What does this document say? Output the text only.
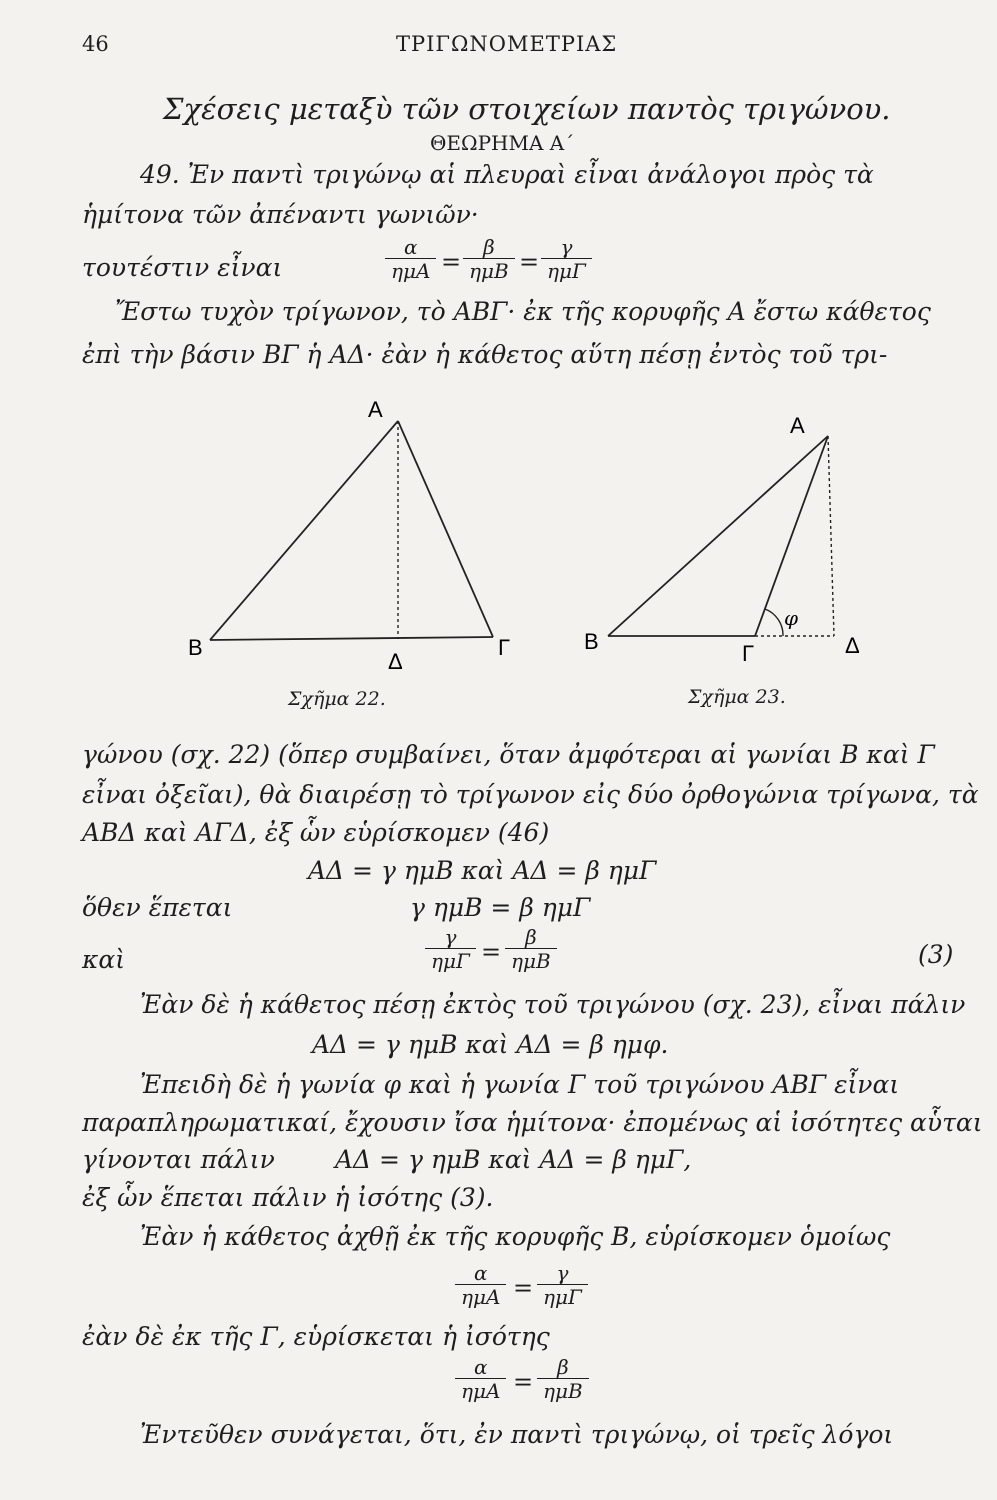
46	ΤΡΙΓΩΝΟΜΕΤΡΙΑΣ
Σχέσεις μεταξὺ τῶν στοιχείων παντὸς τριγώνου.
ΘΕΩΡΗΜΑ Α΄
49. Ἐν παντὶ τριγώνῳ αἱ πλευραὶ εἶναι ἀνάλογοι πρὸς τὰ
ἡμίτονα τῶν ἀπέναντι γωνιῶν·
τουτέστιν εἶναι
α
ημΑ =
β
ημΒ =
γ
ημΓ
Ἔστω τυχὸν τρίγωνον, τὸ ΑΒΓ· ἐκ τῆς κορυφῆς Α ἔστω κάθετος
ἐπὶ τὴν βάσιν ΒΓ ἡ ΑΔ· ἐὰν ἡ κάθετος αὕτη πέσῃ ἐντὸς τοῦ τρι-
Α
Β	Γ
Δ
Σχῆμα 22.
φ
Α
Β	Γ	Δ
Σχῆμα 23.
γώνου (σχ. 22) (ὅπερ συμβαίνει, ὅταν ἀμφότεραι αἱ γωνίαι Β καὶ Γ
εἶναι ὀξεῖαι), θὰ διαιρέσῃ τὸ τρίγωνον εἰς δύο ὀρθογώνια τρίγωνα, τὰ
ΑΒΔ καὶ ΑΓΔ, ἐξ ὧν εὑρίσκομεν (46)
ΑΔ = γ ημΒ καὶ ΑΔ = β ημΓ
ὅθεν ἕπεται	γ ημΒ = β ημΓ
καὶ
γ
ημΓ =
β
ημΒ	(3)
Ἐὰν δὲ ἡ κάθετος πέσῃ ἐκτὸς τοῦ τριγώνου (σχ. 23), εἶναι πάλιν
ΑΔ = γ ημΒ καὶ ΑΔ = β ημφ.
Ἐπειδὴ δὲ ἡ γωνία φ καὶ ἡ γωνία Γ τοῦ τριγώνου ΑΒΓ εἶναι
παραπληρωματικαί, ἔχουσιν ἴσα ἡμίτονα· ἐπομένως αἱ ἰσότητες αὗται
γίνονται πάλιν ΑΔ = γ ημΒ καὶ ΑΔ = β ημΓ,
ἐξ ὧν ἕπεται πάλιν ἡ ἰσότης (3).
Ἐὰν ἡ κάθετος ἀχθῇ ἐκ τῆς κορυφῆς Β, εὑρίσκομεν ὁμοίως
α
ημΑ =
γ
ημΓ
ἐὰν δὲ ἐκ τῆς Γ, εὑρίσκεται ἡ ἰσότης
α
ημΑ =
β
ημΒ
Ἐντεῦθεν συνάγεται, ὅτι, ἐν παντὶ τριγώνῳ, οἱ τρεῖς λόγοι
